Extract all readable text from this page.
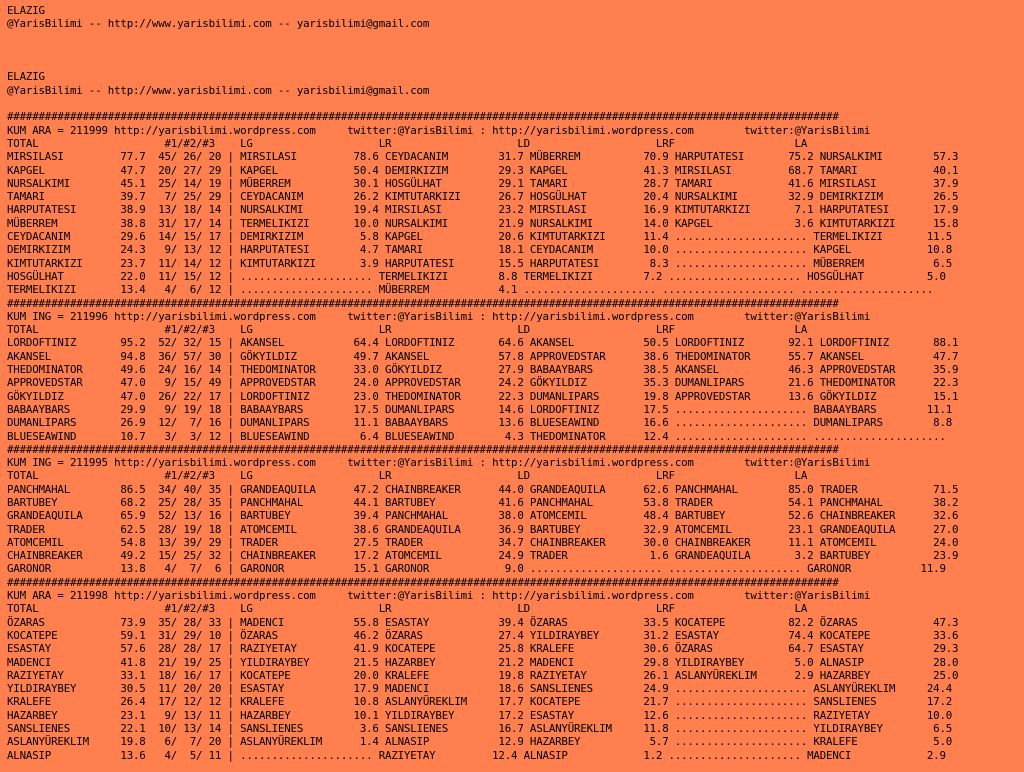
ELAZIG
@YarisBilimi -- http://www.yarisbilimi.com -- yarisbilimi@gmail.com
ELAZIG
@YarisBilimi -- http://www.yarisbilimi.com -- yarisbilimi@gmail.com
####################################################################################################################################
KUM ARA = 211999 http://yarisbilimi.wordpress.com     twitter:@YarisBilimi : http://yarisbilimi.wordpress.com        twitter:@YarisBilimi
TOTAL                    #1/#2/#3    LG                    LR                    LD                    LRF                   LA
MIRSILASI         77.7  45/ 26/ 20 | MIRSILASI         78.6 CEYDACANIM        31.7 MÜBERREM          70.9 HARPUTATESI       75.2 NURSALKIMI        57.3
KAPGEL            47.7  20/ 27/ 29 | KAPGEL            50.4 DEMIRKIZIM        29.3 KAPGEL            41.3 MIRSILASI         68.7 TAMARI            40.1
NURSALKIMI        45.1  25/ 14/ 19 | MÜBERREM          30.1 HOSGÜLHAT         29.1 TAMARI            28.7 TAMARI            41.6 MIRSILASI         37.9
TAMARI            39.7   7/ 25/ 29 | CEYDACANIM        26.2 KIMTUTARKIZI      26.7 HOSGÜLHAT         20.4 NURSALKIMI        32.9 DEMIRKIZIM        26.5
HARPUTATESI       38.9  13/ 18/ 14 | NURSALKIMI        19.4 MIRSILASI         23.2 MIRSILASI         16.9 KIMTUTARKIZI       7.1 HARPUTATESI       17.9
MÜBERREM          38.8  31/ 17/ 14 | TERMELIKIZI       10.0 NURSALKIMI        21.9 NURSALKIMI        14.0 KAPGEL             3.6 KIMTUTARKIZI      15.8
CEYDACANIM        29.6  14/ 15/ 17 | DEMIRKIZIM         5.8 KAPGEL            20.6 KIMTUTARKIZI      11.4 ..................... TERMELIKIZI       11.5
DEMIRKIZIM        24.3   9/ 13/ 12 | HARPUTATESI        4.7 TAMARI            18.1 CEYDACANIM        10.0 ..................... KAPGEL            10.8
KIMTUTARKIZI      23.7  11/ 14/ 12 | KIMTUTARKIZI       3.9 HARPUTATESI       15.5 HARPUTATESI        8.3 ..................... MÜBERREM           6.5
HOSGÜLHAT         22.0  11/ 15/ 12 | ..................... TERMELIKIZI        8.8 TERMELIKIZI        7.2 ..................... HOSGÜLHAT          5.0
TERMELIKIZI       13.4   4/  6/ 12 | ..................... MÜBERREM           4.1 ..................... ..................... .....................
####################################################################################################################################
KUM ING = 211996 http://yarisbilimi.wordpress.com     twitter:@YarisBilimi : http://yarisbilimi.wordpress.com        twitter:@YarisBilimi
TOTAL                    #1/#2/#3    LG                    LR                    LD                    LRF                   LA
LORDOFTINIZ       95.2  52/ 32/ 15 | AKANSEL           64.4 LORDOFTINIZ       64.6 AKANSEL           50.5 LORDOFTINIZ       92.1 LORDOFTINIZ       88.1
AKANSEL           94.8  36/ 57/ 30 | GÖKYILDIZ         49.7 AKANSEL           57.8 APPROVEDSTAR      38.6 THEDOMINATOR      55.7 AKANSEL           47.7
THEDOMINATOR      49.6  24/ 16/ 14 | THEDOMINATOR      33.0 GÖKYILDIZ         27.9 BABAAYBARS        38.5 AKANSEL           46.3 APPROVEDSTAR      35.9
APPROVEDSTAR      47.0   9/ 15/ 49 | APPROVEDSTAR      24.0 APPROVEDSTAR      24.2 GÖKYILDIZ         35.3 DUMANLIPARS       21.6 THEDOMINATOR      22.3
GÖKYILDIZ         47.0  26/ 22/ 17 | LORDOFTINIZ       23.0 THEDOMINATOR      22.3 DUMANLIPARS       19.8 APPROVEDSTAR      13.6 GÖKYILDIZ         15.1
BABAAYBARS        29.9   9/ 19/ 18 | BABAAYBARS        17.5 DUMANLIPARS       14.6 LORDOFTINIZ       17.5 ..................... BABAAYBARS        11.1
DUMANLIPARS       26.9  12/  7/ 16 | DUMANLIPARS       11.1 BABAAYBARS        13.6 BLUESEAWIND       16.6 ..................... DUMANLIPARS        8.8
BLUESEAWIND       10.7   3/  3/ 12 | BLUESEAWIND        6.4 BLUESEAWIND        4.3 THEDOMINATOR      12.4 ..................... .....................
####################################################################################################################################
KUM ING = 211995 http://yarisbilimi.wordpress.com     twitter:@YarisBilimi : http://yarisbilimi.wordpress.com        twitter:@YarisBilimi
TOTAL                    #1/#2/#3    LG                    LR                    LD                    LRF                   LA
PANCHMAHAL        86.5  34/ 40/ 35 | GRANDEAQUILA      47.2 CHAINBREAKER      44.0 GRANDEAQUILA      62.6 PANCHMAHAL        85.0 TRADER            71.5
BARTUBEY          68.2  25/ 28/ 35 | PANCHMAHAL        44.1 BARTUBEY          41.6 PANCHMAHAL        53.8 TRADER            54.1 PANCHMAHAL        38.2
GRANDEAQUILA      65.9  52/ 13/ 16 | BARTUBEY          39.4 PANCHMAHAL        38.0 ATOMCEMIL         48.4 BARTUBEY          52.6 CHAINBREAKER      32.6
TRADER            62.5  28/ 19/ 18 | ATOMCEMIL         38.6 GRANDEAQUILA      36.9 BARTUBEY          32.9 ATOMCEMIL         23.1 GRANDEAQUILA      27.0
ATOMCEMIL         54.8  13/ 39/ 29 | TRADER            27.5 TRADER            34.7 CHAINBREAKER      30.0 CHAINBREAKER      11.1 ATOMCEMIL         24.0
CHAINBREAKER      49.2  15/ 25/ 32 | CHAINBREAKER      17.2 ATOMCEMIL         24.9 TRADER             1.6 GRANDEAQUILA       3.2 BARTUBEY          23.9
GARONOR           13.8   4/  7/  6 | GARONOR           15.1 GARONOR            9.0 ..................... ..................... GARONOR           11.9
####################################################################################################################################
KUM ARA = 211998 http://yarisbilimi.wordpress.com     twitter:@YarisBilimi : http://yarisbilimi.wordpress.com        twitter:@YarisBilimi
TOTAL                    #1/#2/#3    LG                    LR                    LD                    LRF                   LA
ÖZARAS            73.9  35/ 28/ 33 | MADENCI           55.8 ESASTAY           39.4 ÖZARAS            33.5 KOCATEPE          82.2 ÖZARAS            47.3
KOCATEPE          59.1  31/ 29/ 10 | ÖZARAS            46.2 ÖZARAS            27.4 YILDIRAYBEY       31.2 ESASTAY           74.4 KOCATEPE          33.6
ESASTAY           57.6  28/ 28/ 17 | RAZIYETAY         41.9 KOCATEPE          25.8 KRALEFE           30.6 ÖZARAS            64.7 ESASTAY           29.3
MADENCI           41.8  21/ 19/ 25 | YILDIRAYBEY       21.5 HAZARBEY          21.2 MADENCI           29.8 YILDIRAYBEY        5.0 ALNASIP           28.0
RAZIYETAY         33.1  18/ 16/ 17 | KOCATEPE          20.0 KRALEFE           19.8 RAZIYETAY         26.1 ASLANYÜREKLIM      2.9 HAZARBEY          25.0
YILDIRAYBEY       30.5  11/ 20/ 20 | ESASTAY           17.9 MADENCI           18.6 SANSLIENES        24.9 ..................... ASLANYÜREKLIM     24.4
KRALEFE           26.4  17/ 12/ 12 | KRALEFE           10.8 ASLANYÜREKLIM     17.7 KOCATEPE          21.7 ..................... SANSLIENES        17.2
HAZARBEY          23.1   9/ 13/ 11 | HAZARBEY          10.1 YILDIRAYBEY       17.2 ESASTAY           12.6 ..................... RAZIYETAY         10.0
SANSLIENES        22.1  10/ 13/ 14 | SANSLIENES         3.6 SANSLIENES        16.7 ASLANYÜREKLIM     11.8 ..................... YILDIRAYBEY        6.5
ASLANYÜREKLIM     19.8   6/  7/ 20 | ASLANYÜREKLIM      1.4 ALNASIP           12.9 HAZARBEY           5.7 ..................... KRALEFE            5.0
ALNASIP           13.6   4/  5/ 11 | ..................... RAZIYETAY         12.4 ALNASIP            1.2 ..................... MADENCI            2.9
